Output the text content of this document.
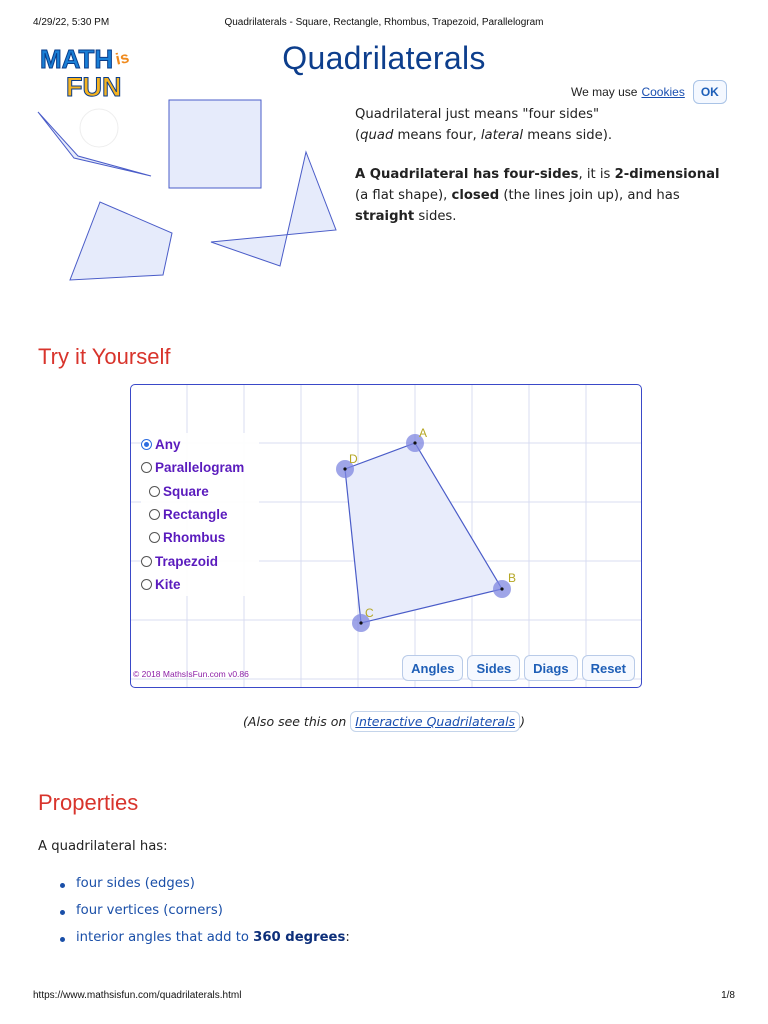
4/29/22, 5:30 PM	Quadrilaterals - Square, Rectangle, Rhombus, Trapezoid, Parallelogram
MATH is
FUN
Quadrilaterals
We may use Cookies	OK

Quadrilateral just means "four sides"
(quad means four, lateral means side).

A Quadrilateral has four-sides, it is 2-dimensional
(a flat shape), closed (the lines join up), and has
straight sides.

Try it Yourself
A
B
C
D
Any
Parallelogram
Square
Rectangle
Rhombus
Trapezoid
Kite
© 2018 MathsIsFun.com v0.86	Angles	Sides	Diags	Reset
(Also see this on Interactive Quadrilaterals )
Properties
A quadrilateral has:
four sides (edges)
four vertices (corners)
interior angles that add to 360 degrees:
https://www.mathsisfun.com/quadrilaterals.html	1/8
